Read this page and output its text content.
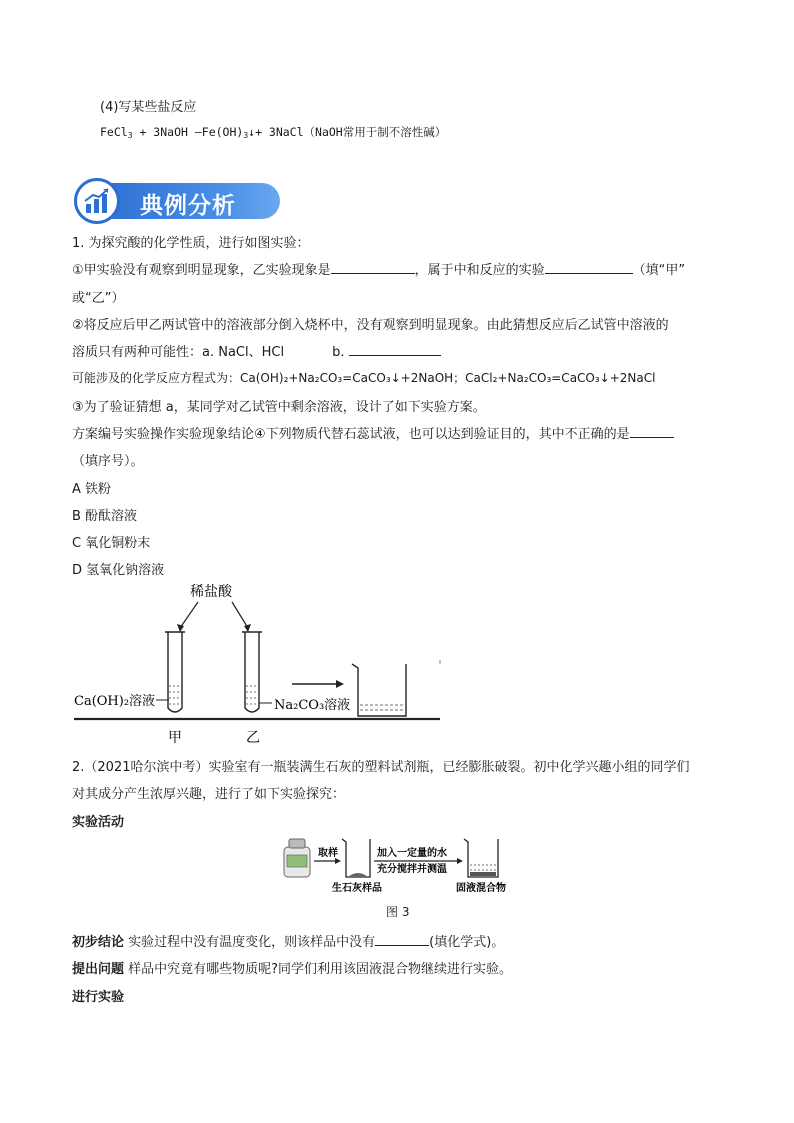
(4)写某些盐反应
FeCl$_3$ + 3NaOH $—Fe(OH)_3↓+$ 3NaCl（NaOH常用于制不溶性碱）
典例分析
1. 为探究酸的化学性质，进行如图实验：
①甲实验没有观察到明显现象，乙实验现象是	，属于中和反应的实验	（填“甲”
或“乙”）
②将反应后甲乙两试管中的溶液部分倒入烧杯中，没有观察到明显现象。由此猜想反应后乙试管中溶液的
溶质只有两种可能性：a. NaCl、HCl	b.
可能涉及的化学反应方程式为：Ca(OH)₂+Na₂CO₃=CaCO₃↓+2NaOH；CaCl₂+Na₂CO₃=CaCO₃↓+2NaCl
③为了验证猜想 a，某同学对乙试管中剩余溶液，设计了如下实验方案。
方案编号实验操作实验现象结论④下列物质代替石蕊试液，也可以达到验证目的，其中不正确的是
（填序号）。
A 铁粉
B 酚酞溶液
C 氧化铜粉末
D 氢氧化钠溶液
稀盐酸
Ca(OH)₂溶液	Na₂CO₃溶液
甲	乙
2.（2021哈尔滨中考）实验室有一瓶装满生石灰的塑料试剂瓶，已经膨胀破裂。初中化学兴趣小组的同学们
对其成分产生浓厚兴趣，进行了如下实验探究：
实验活动
取样	加入一定量的水
充分搅拌并测温
生石灰样品	固液混合物
图 3
初步结论 实验过程中没有温度变化，则该样品中没有	(填化学式)。
提出问题 样品中究竟有哪些物质呢?同学们利用该固液混合物继续进行实验。
进行实验
